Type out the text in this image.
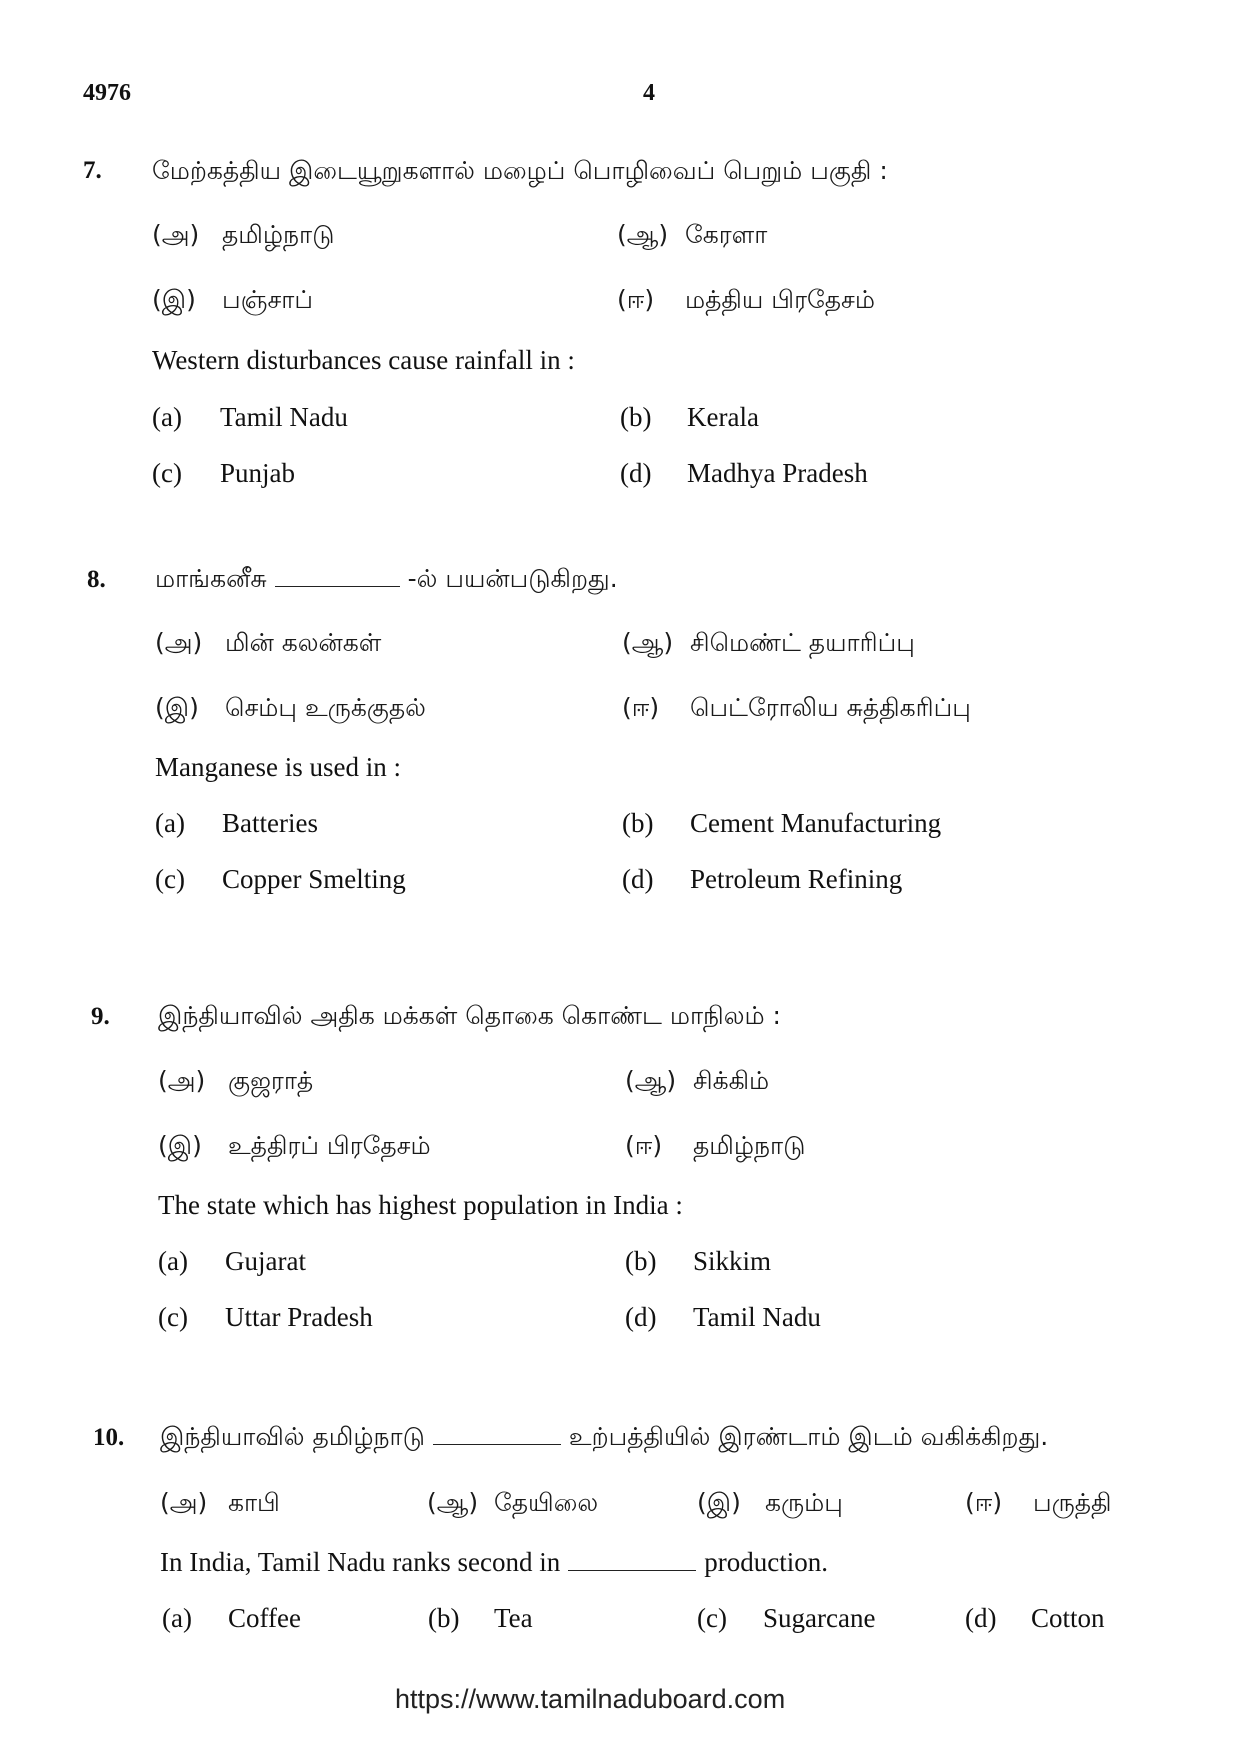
4976	4
7. மேற்கத்திய இடையூறுகளால் மழைப் பொழிவைப் பெறும் பகுதி :
(அ) தமிழ்நாடு	(ஆ) கேரளா
(இ) பஞ்சாப்	(ஈ) மத்திய பிரதேசம்
Western disturbances cause rainfall in :
(a) Tamil Nadu	(b) Kerala
(c) Punjab	(d) Madhya Pradesh
8. மாங்கனீசு	-ல் பயன்படுகிறது.
(அ) மின் கலன்கள்	(ஆ) சிமெண்ட் தயாரிப்பு
(இ) செம்பு உருக்குதல்	(ஈ) பெட்ரோலிய சுத்திகரிப்பு
Manganese is used in :
(a) Batteries	(b) Cement Manufacturing
(c) Copper Smelting	(d) Petroleum Refining
9. இந்தியாவில் அதிக மக்கள் தொகை கொண்ட மாநிலம் :
(அ) குஜராத்	(ஆ) சிக்கிம்
(இ) உத்திரப் பிரதேசம்	(ஈ) தமிழ்நாடு
The state which has highest population in India :
(a) Gujarat	(b) Sikkim
(c) Uttar Pradesh	(d) Tamil Nadu
10. இந்தியாவில் தமிழ்நாடு	உற்பத்தியில் இரண்டாம் இடம் வகிக்கிறது.
(அ) காபி	(ஆ) தேயிலை	(இ) கரும்பு	(ஈ) பருத்தி
In India, Tamil Nadu ranks second in	production.
(a) Coffee	(b) Tea	(c) Sugarcane	(d) Cotton
https://www.tamilnaduboard.com
